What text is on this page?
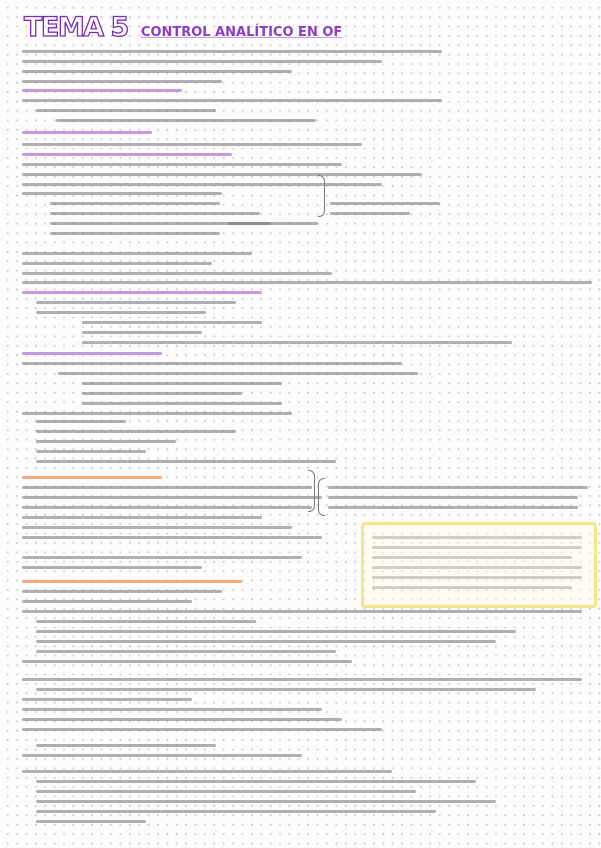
TEMA 5 CONTROL ANALÍTICO EN OF
